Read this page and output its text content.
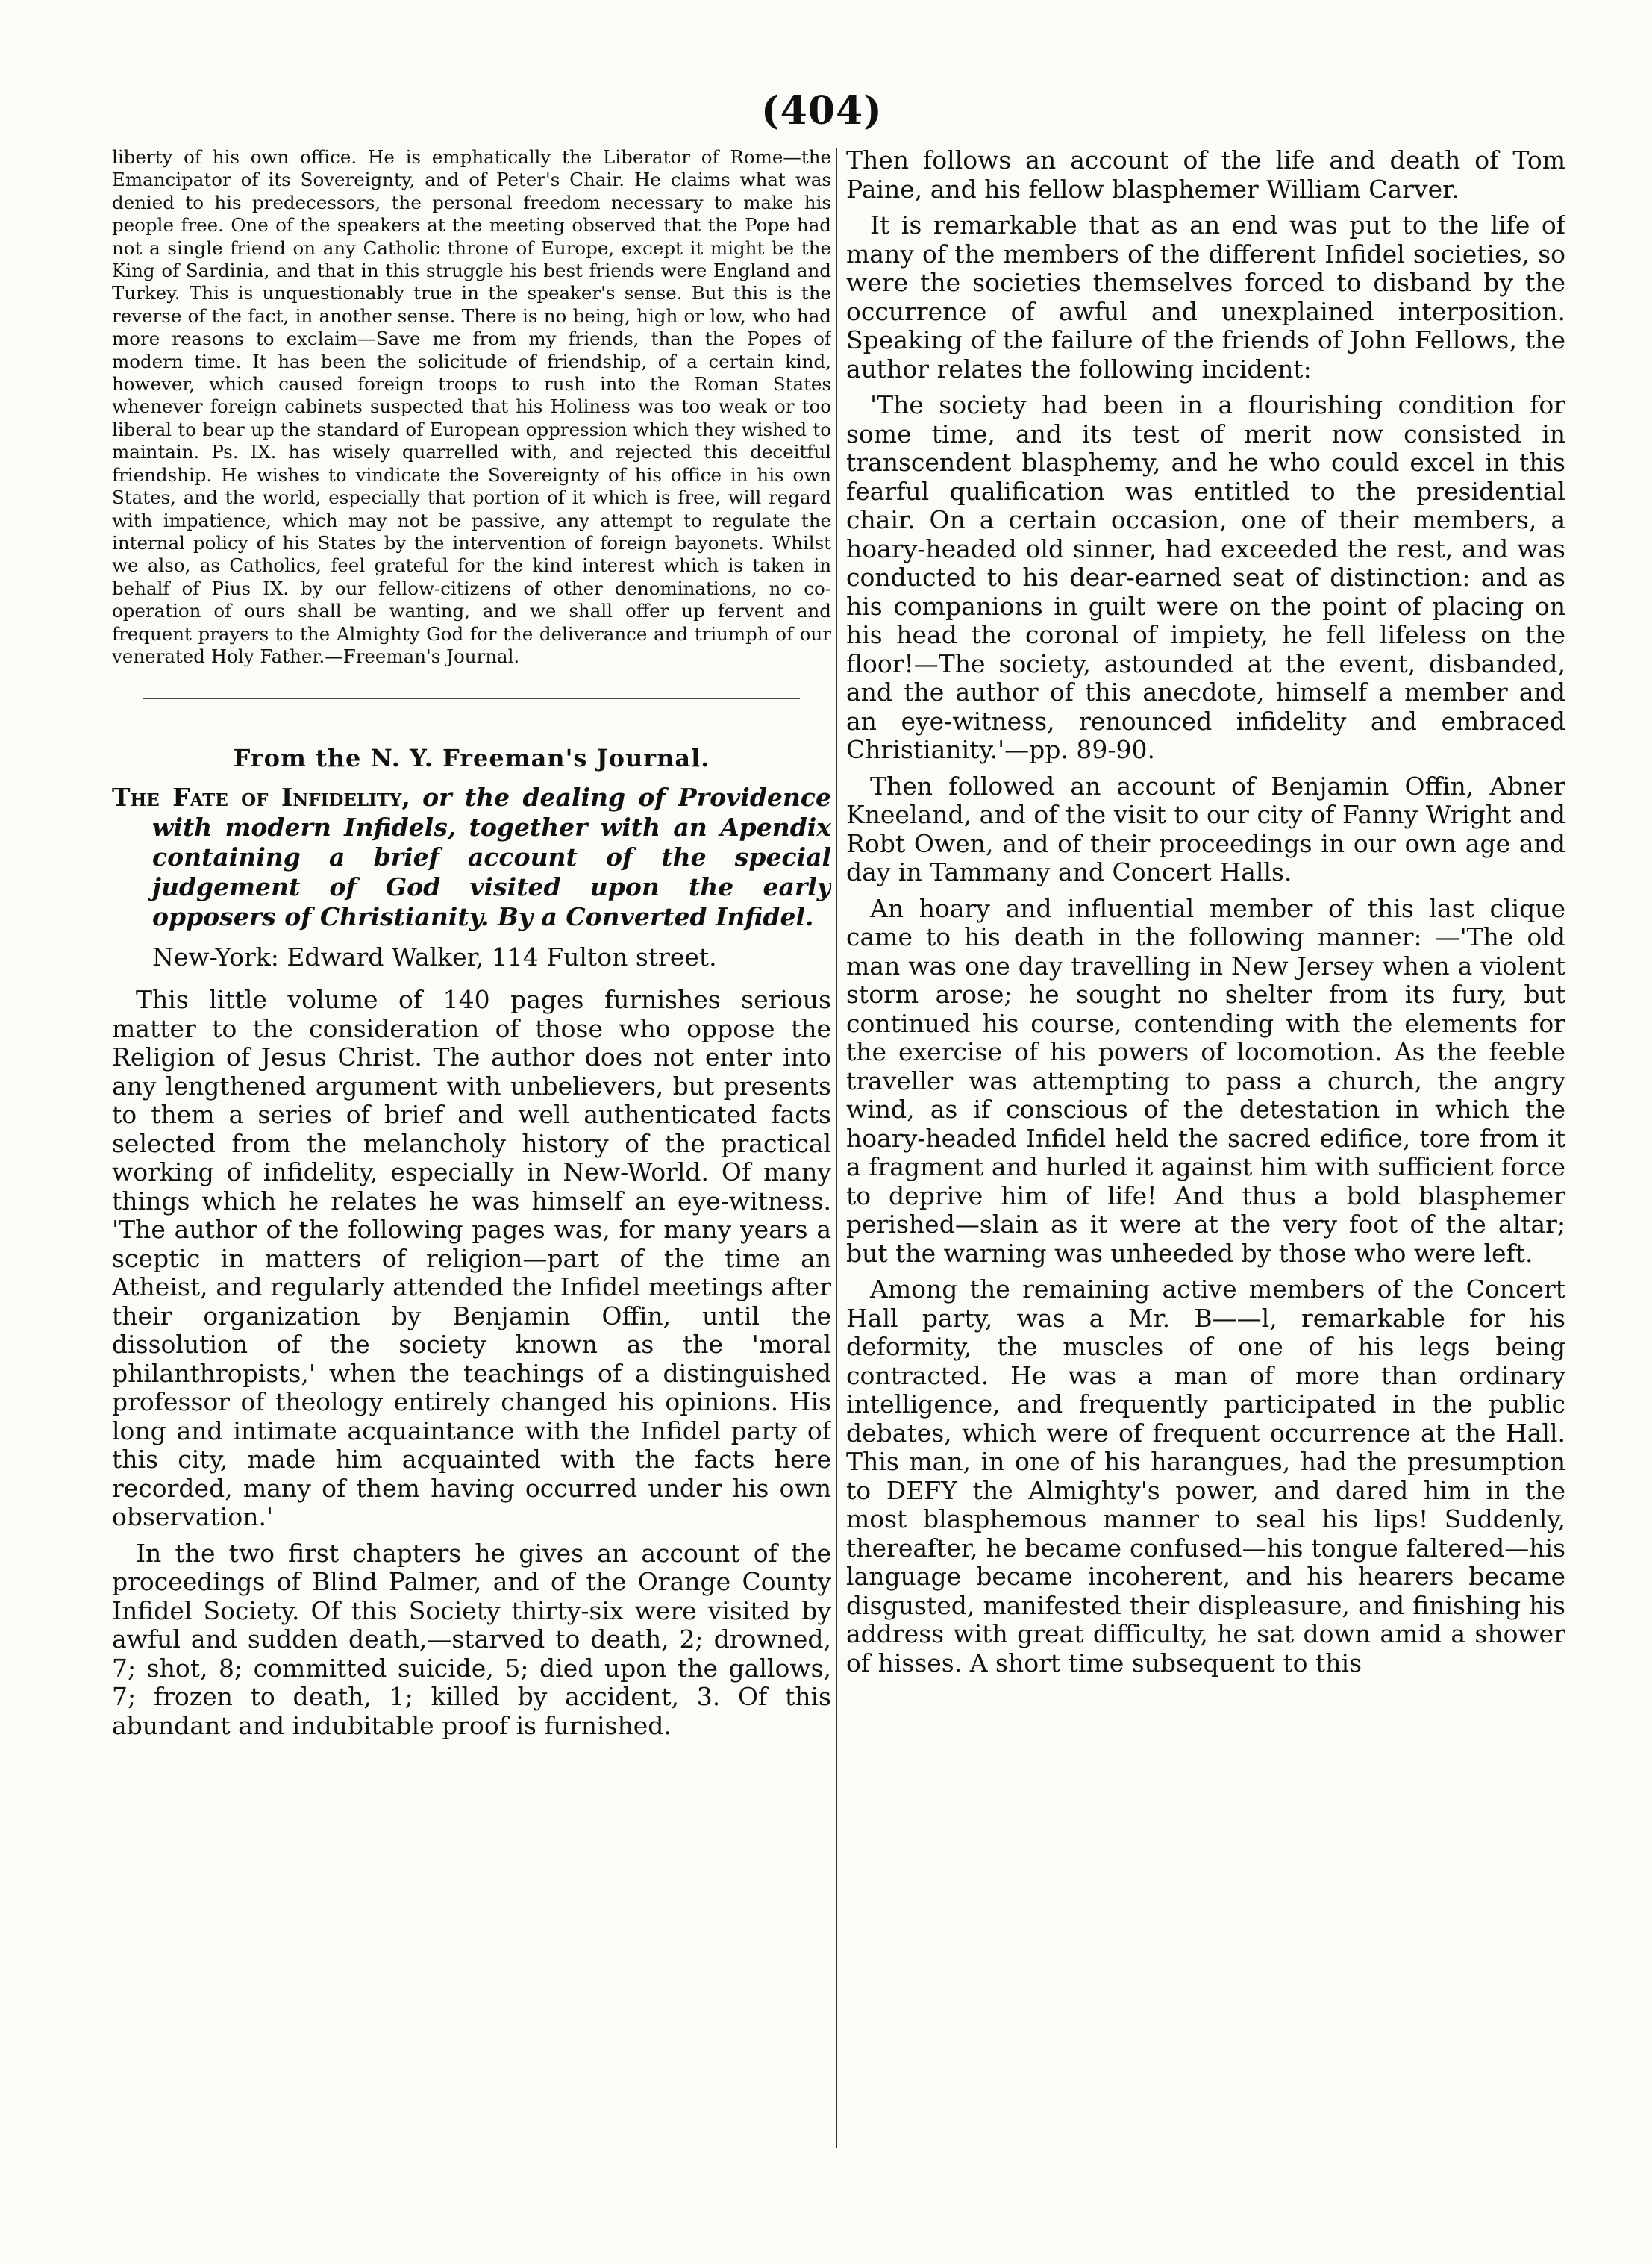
(404)

liberty of his own office. He is emphatically the Liberator of Rome—the Emancipator of its Sovereignty, and of Peter's Chair. He claims what was denied to his predecessors, the personal freedom necessary to make his people free. One of the speakers at the meeting observed that the Pope had not a single friend on any Catholic throne of Europe, except it might be the King of Sardinia, and that in this struggle his best friends were England and Turkey. This is unquestionably true in the speaker's sense. But this is the reverse of the fact, in another sense. There is no being, high or low, who had more reasons to exclaim—Save me from my friends, than the Popes of modern time. It has been the solicitude of friendship, of a certain kind, however, which caused foreign troops to rush into the Roman States whenever foreign cabinets suspected that his Holiness was too weak or too liberal to bear up the standard of European oppression which they wished to maintain. Ps. IX. has wisely quarrelled with, and rejected this deceitful friendship. He wishes to vindicate the Sovereignty of his office in his own States, and the world, especially that portion of it which is free, will regard with impatience, which may not be passive, any attempt to regulate the internal policy of his States by the intervention of foreign bayonets. Whilst we also, as Catholics, feel grateful for the kind interest which is taken in behalf of Pius IX. by our fellow-citizens of other denominations, no co-operation of ours shall be wanting, and we shall offer up fervent and frequent prayers to the Almighty God for the deliverance and triumph of our venerated Holy Father.—Freeman's Journal.

From the N. Y. Freeman's Journal.
The Fate of Infidelity, or the dealing of Providence with modern Infidels, together with an Apendix containing a brief account of the special judgement of God visited upon the early opposers of Christianity. By a Converted Infidel.
New-York: Edward Walker, 114 Fulton street.

This little volume of 140 pages furnishes serious matter to the consideration of those who oppose the Religion of Jesus Christ. The author does not enter into any lengthened argument with unbelievers, but presents to them a series of brief and well authenticated facts selected from the melancholy history of the practical working of infidelity, especially in New-World. Of many things which he relates he was himself an eye-witness. 'The author of the following pages was, for many years a sceptic in matters of religion—part of the time an Atheist, and regularly attended the Infidel meetings after their organization by Benjamin Offin, until the dissolution of the society known as the 'moral philanthropists,' when the teachings of a distinguished professor of theology entirely changed his opinions. His long and intimate acquaintance with the Infidel party of this city, made him acquainted with the facts here recorded, many of them having occurred under his own observation.'

In the two first chapters he gives an account of the proceedings of Blind Palmer, and of the Orange County Infidel Society. Of this Society thirty-six were visited by awful and sudden death,—starved to death, 2; drowned, 7; shot, 8; committed suicide, 5; died upon the gallows, 7; frozen to death, 1; killed by accident, 3. Of this abundant and indubitable proof is furnished.

Then follows an account of the life and death of Tom Paine, and his fellow blasphemer William Carver.

It is remarkable that as an end was put to the life of many of the members of the different Infidel societies, so were the societies themselves forced to disband by the occurrence of awful and unexplained interposition. Speaking of the failure of the friends of John Fellows, the author relates the following incident:

'The society had been in a flourishing condition for some time, and its test of merit now consisted in transcendent blasphemy, and he who could excel in this fearful qualification was entitled to the presidential chair. On a certain occasion, one of their members, a hoary-headed old sinner, had exceeded the rest, and was conducted to his dear-earned seat of distinction: and as his companions in guilt were on the point of placing on his head the coronal of impiety, he fell lifeless on the floor!—The society, astounded at the event, disbanded, and the author of this anecdote, himself a member and an eye-witness, renounced infidelity and embraced Christianity.'—pp. 89-90.

Then followed an account of Benjamin Offin, Abner Kneeland, and of the visit to our city of Fanny Wright and Robt Owen, and of their proceedings in our own age and day in Tammany and Concert Halls.

An hoary and influential member of this last clique came to his death in the following manner: —'The old man was one day travelling in New Jersey when a violent storm arose; he sought no shelter from its fury, but continued his course, contending with the elements for the exercise of his powers of locomotion. As the feeble traveller was attempting to pass a church, the angry wind, as if conscious of the detestation in which the hoary-headed Infidel held the sacred edifice, tore from it a fragment and hurled it against him with sufficient force to deprive him of life! And thus a bold blasphemer perished—slain as it were at the very foot of the altar; but the warning was unheeded by those who were left.

Among the remaining active members of the Concert Hall party, was a Mr. B——l, remarkable for his deformity, the muscles of one of his legs being contracted. He was a man of more than ordinary intelligence, and frequently participated in the public debates, which were of frequent occurrence at the Hall. This man, in one of his harangues, had the presumption to DEFY the Almighty's power, and dared him in the most blasphemous manner to seal his lips! Suddenly, thereafter, he became confused—his tongue faltered—his language became incoherent, and his hearers became disgusted, manifested their displeasure, and finishing his address with great difficulty, he sat down amid a shower of hisses. A short time subsequent to this
